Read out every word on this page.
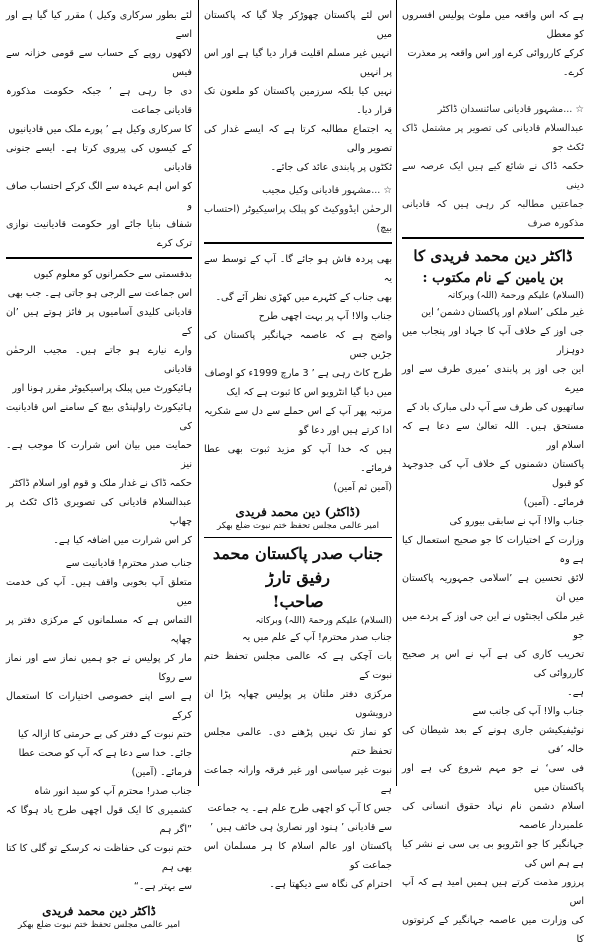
ہے کہ اس واقعہ میں ملوث پولیس افسروں کو معطل
کرکے کارروائی کرے اور اس واقعہ پر معذرت
کرے۔

☆ ...مشہور قادیانی سائنسدان ڈاکٹر
عبدالسلام قادیانی کی تصویر پر مشتمل ڈاک ٹکٹ جو
حکمہ ڈاک نے شائع کیے ہیں ایک عرصہ سے دینی
جماعتیں مطالبہ کر رہی ہیں کہ قادیانی مذکورہ صرف

ڈاکٹر دین محمد فریدی کا

بن یامین کے نام مکتوب :

(السلام) علیکم ورحمۃ (اللہ) وبرکاتہ

غیر ملکی ’اسلام اور پاکستان دشمن‘ این
جی اوز کے خلاف آپ کا جہاد اور پنجاب میں دوہزار
این جی اوز پر پابندی ’میری طرف سے اور میرے
ساتھیوں کی طرف سے آپ دلی مبارک باد کے
مستحق ہیں۔ اللہ تعالیٰ سے دعا ہے کہ اسلام اور
پاکستان دشمنوں کے خلاف آپ کی جدوجہد کو قبول
فرمائے۔ (آمین)
جناب والا! آپ نے سابقی بیورو کی
وزارت کے اختیارات کا جو صحیح استعمال کیا ہے وہ
لائق تحسین ہے ’اسلامی جمہوریہ پاکستان میں ان
غیر ملکی ایجنٹوں نے این جی اوز کے پردے میں جو
تخریب کاری کی ہے آپ نے اس پر صحیح کارروائی کی
ہے۔
جناب والا! آپ کی جانب سے
نوٹیفیکیشن جاری ہونے کے بعد شیطان کی خالہ ’فی
فی سی‘ نے جو مہم شروع کی ہے اور پاکستان میں
اسلام دشمن نام نہاد حقوق انسانی کی علمبردار عاصمہ
جہانگیر کا جو انٹرویو بی بی سی نے نشر کیا ہے ہم اس کی
پرزور مذمت کرتے ہیں ہمیں امید ہے کہ آپ اس
کی وزارت میں عاصمہ جہانگیر کے کرتوتوں کا

اس لئے پاکستان چھوڑکر چلا گیا کہ پاکستان میں
انہیں غیر مسلم اقلیت قرار دیا گیا ہے اور اس پر انہیں
نہیں کیا بلکہ سرزمین پاکستان کو ملعون تک قرار دیا۔
یہ اجتماع مطالبہ کرتا ہے کہ ایسے غدار کی تصویر والی
ٹکٹوں پر پابندی عائد کی جائے۔

☆ ...مشہور قادیانی وکیل مجیب
الرحمٰن ایڈووکیٹ کو پبلک پراسیکیوٹر (احتساب بیچ)

بھی پردہ فاش ہو جائے گا۔ آپ کے توسط سے یہ
بھی جناب کے کٹہرے میں کھڑی نظر آئے گی۔
جناب والا! آپ پر بہت اچھی طرح
واضح ہے کہ عاصمہ جہانگیر پاکستان کی جڑیں جس
طرح کاٹ رہی ہے ’ 3 مارچ 1999ء کو اوصاف
میں دیا گیا انٹرویو اس کا ثبوت ہے کہ ایک
مرتبہ پھر آپ کے اس حملے سے دل سے شکریہ ادا کرتے ہیں اور دعا گو
ہیں کہ خدا آپ کو مزید ثبوت بھی عطا فرمائے۔
(آمین ثم آمین)

(ڈاکٹر) دین محمد فریدی

امیر عالمی مجلس تحفظ ختم نبوت ضلع بھکر

جناب صدر پاکستان محمد رفیق تارڑ
صاحب!

(السلام) علیکم ورحمۃ (اللہ) وبرکاتہ

جناب صدر محترم! آپ کے علم میں یہ
بات آچکی ہے کہ عالمی مجلس تحفظ ختم نبوت کے
مرکزی دفتر ملتان پر پولیس چھاپہ پڑا ان درویشوں
کو نماز تک نہیں پڑھنے دی۔ عالمی مجلس تحفظ ختم
نبوت غیر سیاسی اور غیر فرقہ وارانہ جماعت ہے
جس کا آپ کو اچھی طرح علم ہے۔ یہ جماعت
سے قادیانی ’ ہنود اور نصاریٰ ہی خائف ہیں ’
پاکستان اور عالم اسلام کا ہر مسلمان اس جماعت کو
احترام کی نگاہ سے دیکھتا ہے۔

لئے بطور سرکاری وکیل ) مقرر کیا گیا ہے اور اسے
لاکھوں روپے کے حساب سے قومی خزانہ سے فیس
دی جا رہی ہے ’ جبکہ حکومت مذکورہ قادیانی جماعت
کا سرکاری وکیل ہے ’ پورے ملک میں قادیانیوں
کے کیسوں کی پیروی کرتا ہے۔ ایسے جنونی قادیانی
کو اس اہم عہدہ سے الگ کرکے احتساب صاف و
شفاف بنایا جائے اور حکومت قادیانیت نوازی ترک کرے

بدقسمتی سے حکمرانوں کو معلوم کیوں
اس جماعت سے الرجی ہو جاتی ہے۔ جب بھی
قادیانی کلیدی آسامیوں پر فائز ہوتے ہیں ’ان کے
وارے نیارے ہو جاتے ہیں۔ مجیب الرحمٰن قادیانی
ہائیکورٹ میں پبلک پراسیکیوٹر مقرر ہونا اور
ہائیکورٹ راولپنڈی بیچ کے سامنے اس قادیانیت کی
حمایت میں بیان اس شرارت کا موجب ہے۔ نیز
حکمہ ڈاک نے غدار ملک و قوم اور اسلام ڈاکٹر
عبدالسلام قادیانی کی تصویری ڈاک ٹکٹ پر چھاپ
کر اس شرارت میں اضافہ کیا ہے۔

جناب صدر محترم! قادیانیت سے
متعلق آپ بخوبی واقف ہیں۔ آپ کی خدمت میں
التماس ہے کہ مسلمانوں کے مرکزی دفتر پر چھاپہ
مار کر پولیس نے جو ہمیں نماز سے اور نماز سے روکا
ہے اسے اپنے خصوصی اختیارات کا استعمال کرکے
ختم نبوت کے دفتر کی بے حرمتی کا ازالہ کیا
جائے۔ خدا سے دعا ہے کہ آپ کو صحت عطا
فرمائے۔ (آمین)
جناب صدر! محترم آپ کو سید انور شاہ
کشمیری کا ایک قول اچھی طرح یاد ہوگا کہ ”اگر ہم
ختم نبوت کی حفاظت نہ کرسکے تو گلی کا کتا بھی ہم
سے بہتر ہے۔“

ڈاکٹر دین محمد فریدی

امیر عالمی مجلس تحفظ ختم نبوت ضلع بھکر
